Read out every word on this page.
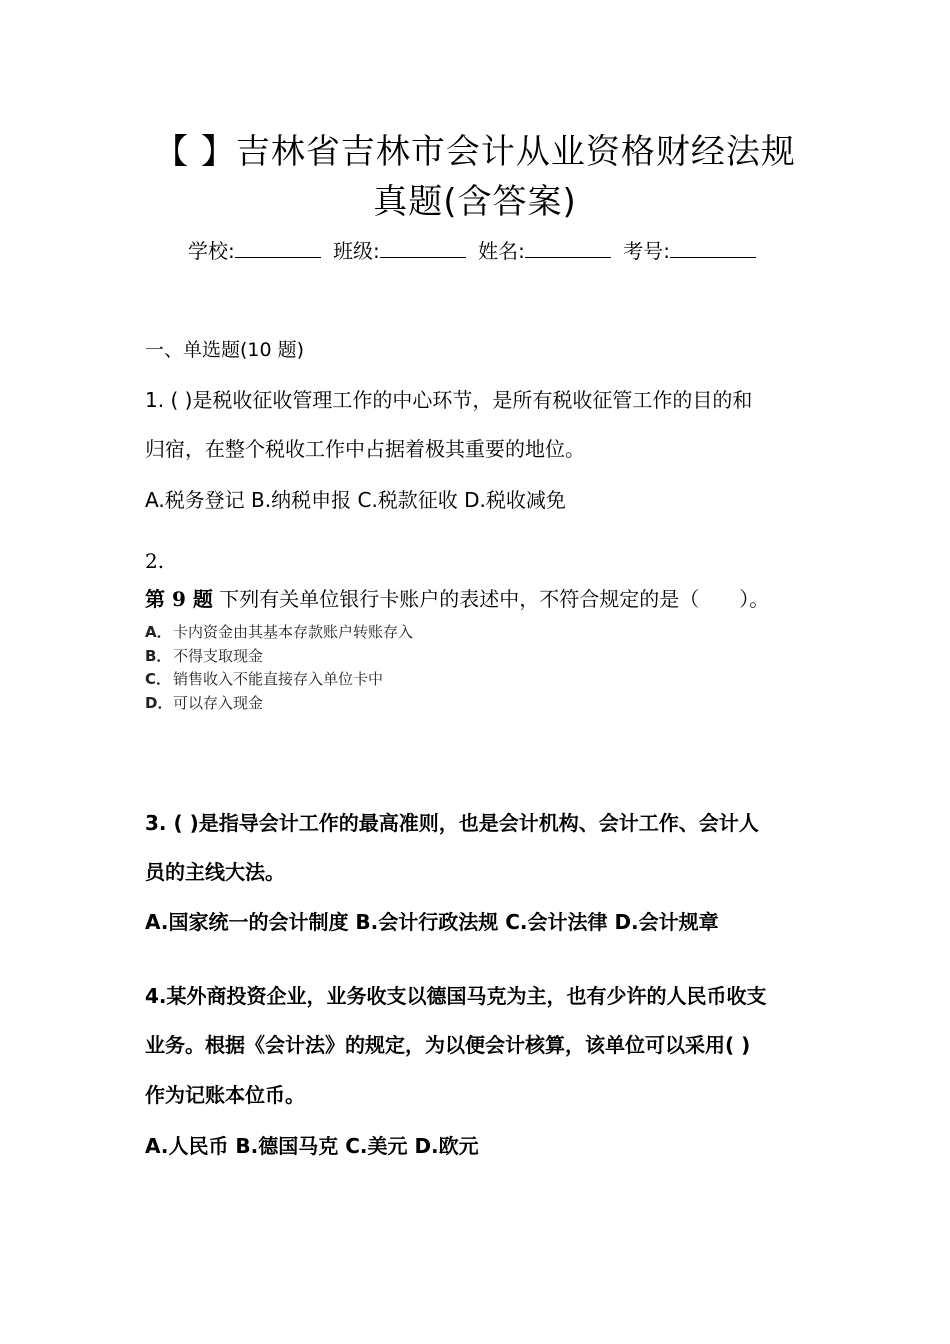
【 】吉林省吉林市会计从业资格财经法规
真题(含答案)
学校:	班级:	姓名:	考号:
一、单选题(10 题)
1. ( )是税收征收管理工作的中心环节，是所有税收征管工作的目的和
归宿，在整个税收工作中占据着极其重要的地位。
A.税务登记 B.纳税申报 C.税款征收 D.税收减免
2.
第 9 题 下列有关单位银行卡账户的表述中，不符合规定的是（　　）。
A．卡内资金由其基本存款账户转账存入
B． 不得支取现金
C． 销售收入不能直接存入单位卡中
D．可以存入现金
3. ( )是指导会计工作的最高准则，也是会计机构、会计工作、会计人
员的主线大法。
A.国家统一的会计制度 B.会计行政法规 C.会计法律 D.会计规章
4.某外商投资企业，业务收支以德国马克为主，也有少许的人民币收支
业务。根据《会计法》的规定，为以便会计核算，该单位可以采用( )
作为记账本位币。
A.人民币 B.德国马克 C.美元 D.欧元
